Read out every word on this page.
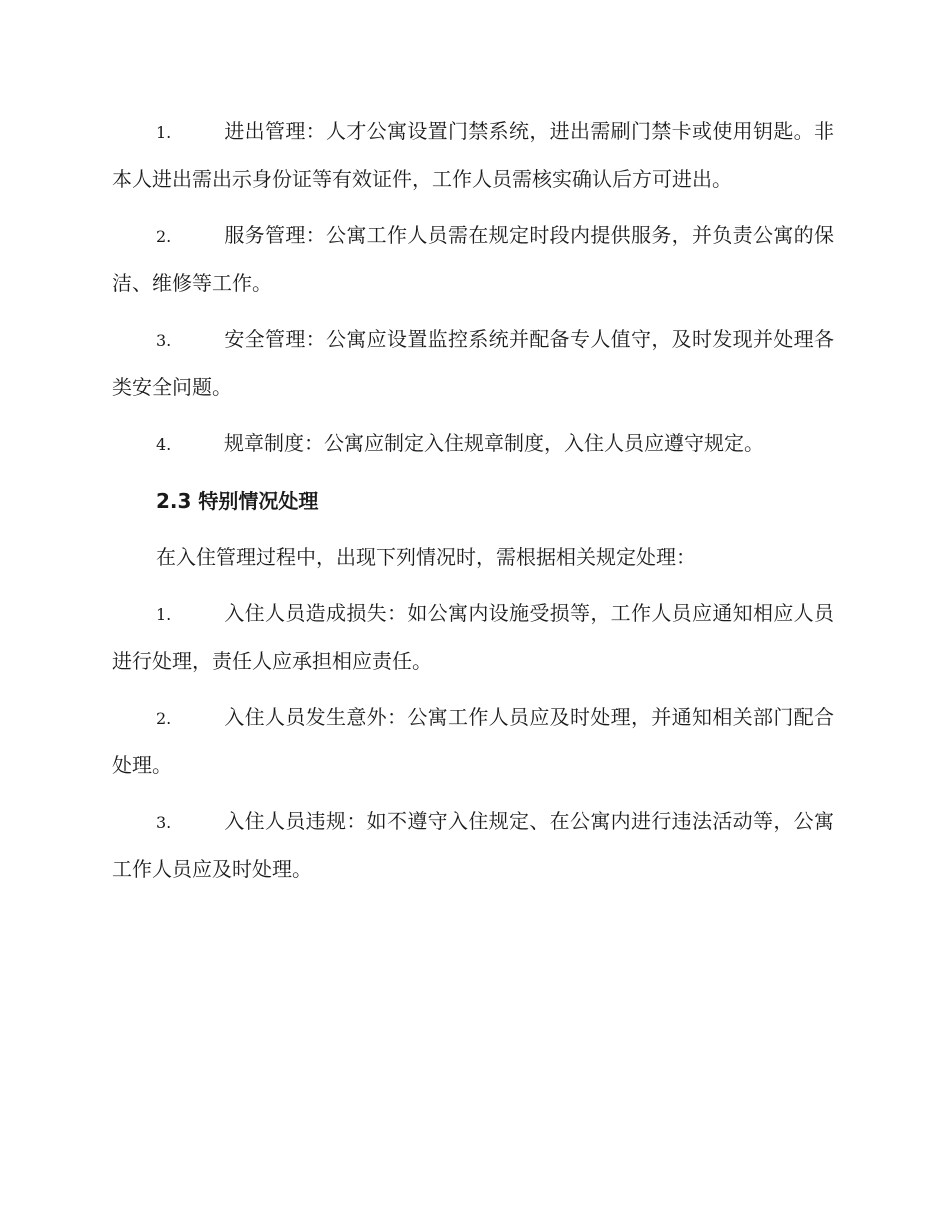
1.	进出管理：人才公寓设置门禁系统，进出需刷门禁卡或使用钥匙。非本人进出需出示身份证等有效证件，工作人员需核实确认后方可进出。

2.	服务管理：公寓工作人员需在规定时段内提供服务，并负责公寓的保洁、维修等工作。

3.	安全管理：公寓应设置监控系统并配备专人值守，及时发现并处理各类安全问题。

4.	规章制度：公寓应制定入住规章制度，入住人员应遵守规定。

2.3 特别情况处理

在入住管理过程中，出现下列情况时，需根据相关规定处理：

1.	入住人员造成损失：如公寓内设施受损等，工作人员应通知相应人员进行处理，责任人应承担相应责任。

2.	入住人员发生意外：公寓工作人员应及时处理，并通知相关部门配合处理。

3.	入住人员违规：如不遵守入住规定、在公寓内进行违法活动等，公寓工作人员应及时处理。
